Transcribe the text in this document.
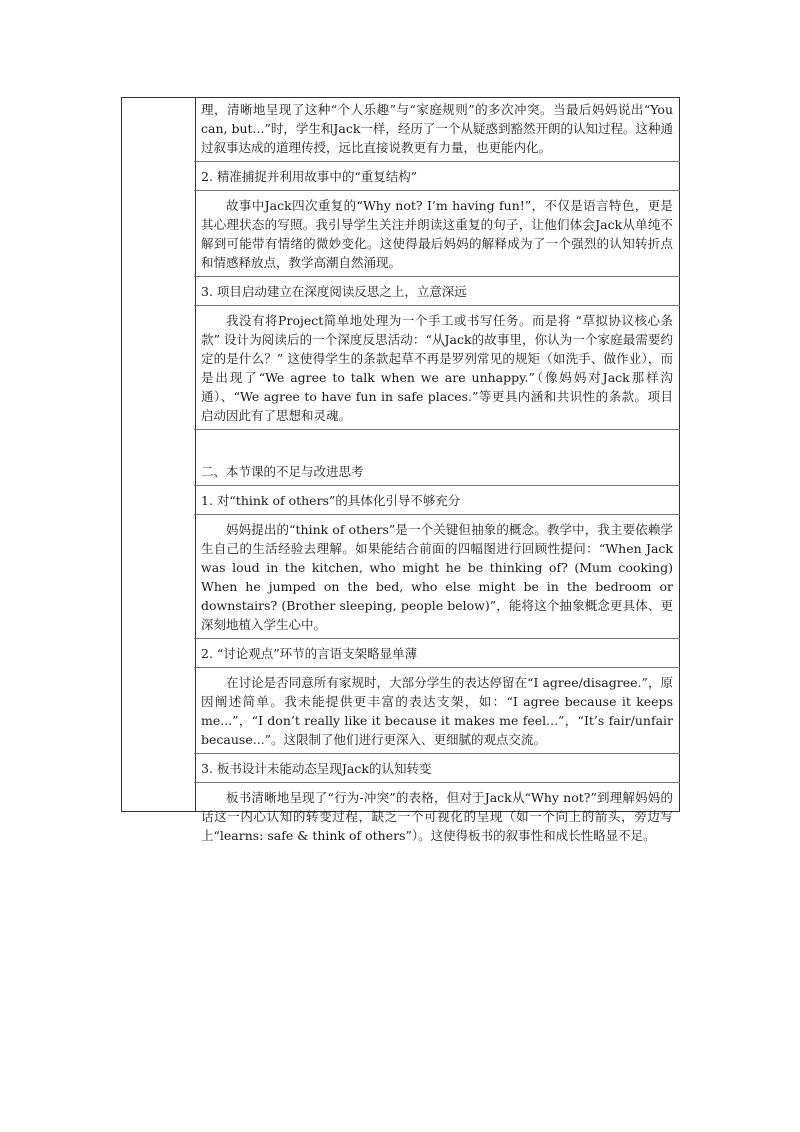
理，清晰地呈现了这种“个人乐趣”与“家庭规则”的多次冲突。当最后妈妈说出“You can, but...”时，学生和Jack一样，经历了一个从疑惑到豁然开朗的认知过程。这种通过叙事达成的道理传授，远比直接说教更有力量，也更能内化。

2. 精准捕捉并利用故事中的“重复结构”

故事中Jack四次重复的“Why not? I’m having fun!”，不仅是语言特色，更是其心理状态的写照。我引导学生关注并朗读这重复的句子，让他们体会Jack从单纯不解到可能带有情绪的微妙变化。这使得最后妈妈的解释成为了一个强烈的认知转折点和情感释放点，教学高潮自然涌现。

3. 项目启动建立在深度阅读反思之上，立意深远

我没有将Project简单地处理为一个手工或书写任务。而是将 “草拟协议核心条款” 设计为阅读后的一个深度反思活动：“从Jack的故事里，你认为一个家庭最需要约定的是什么？” 这使得学生的条款起草不再是罗列常见的规矩（如洗手、做作业），而是出现了“We agree to talk when we are unhappy.”（像妈妈对Jack那样沟通）、“We agree to have fun in safe places.”等更具内涵和共识性的条款。项目启动因此有了思想和灵魂。

二、本节课的不足与改进思考

1. 对“think of others”的具体化引导不够充分

妈妈提出的“think of others”是一个关键但抽象的概念。教学中，我主要依赖学生自己的生活经验去理解。如果能结合前面的四幅图进行回顾性提问：“When Jack was loud in the kitchen, who might he be thinking of? (Mum cooking) When he jumped on the bed, who else might be in the bedroom or downstairs? (Brother sleeping, people below)”，能将这个抽象概念更具体、更深刻地植入学生心中。

2. “讨论观点”环节的言语支架略显单薄

在讨论是否同意所有家规时，大部分学生的表达停留在“I agree/disagree.”，原因阐述简单。我未能提供更丰富的表达支架，如：“I agree because it keeps me...”，“I don’t really like it because it makes me feel...”，“It’s fair/unfair because...”。这限制了他们进行更深入、更细腻的观点交流。

3. 板书设计未能动态呈现Jack的认知转变

板书清晰地呈现了“行为-冲突”的表格，但对于Jack从“Why not?”到理解妈妈的话这一内心认知的转变过程，缺乏一个可视化的呈现（如一个向上的箭头，旁边写上“learns: safe & think of others”）。这使得板书的叙事性和成长性略显不足。
